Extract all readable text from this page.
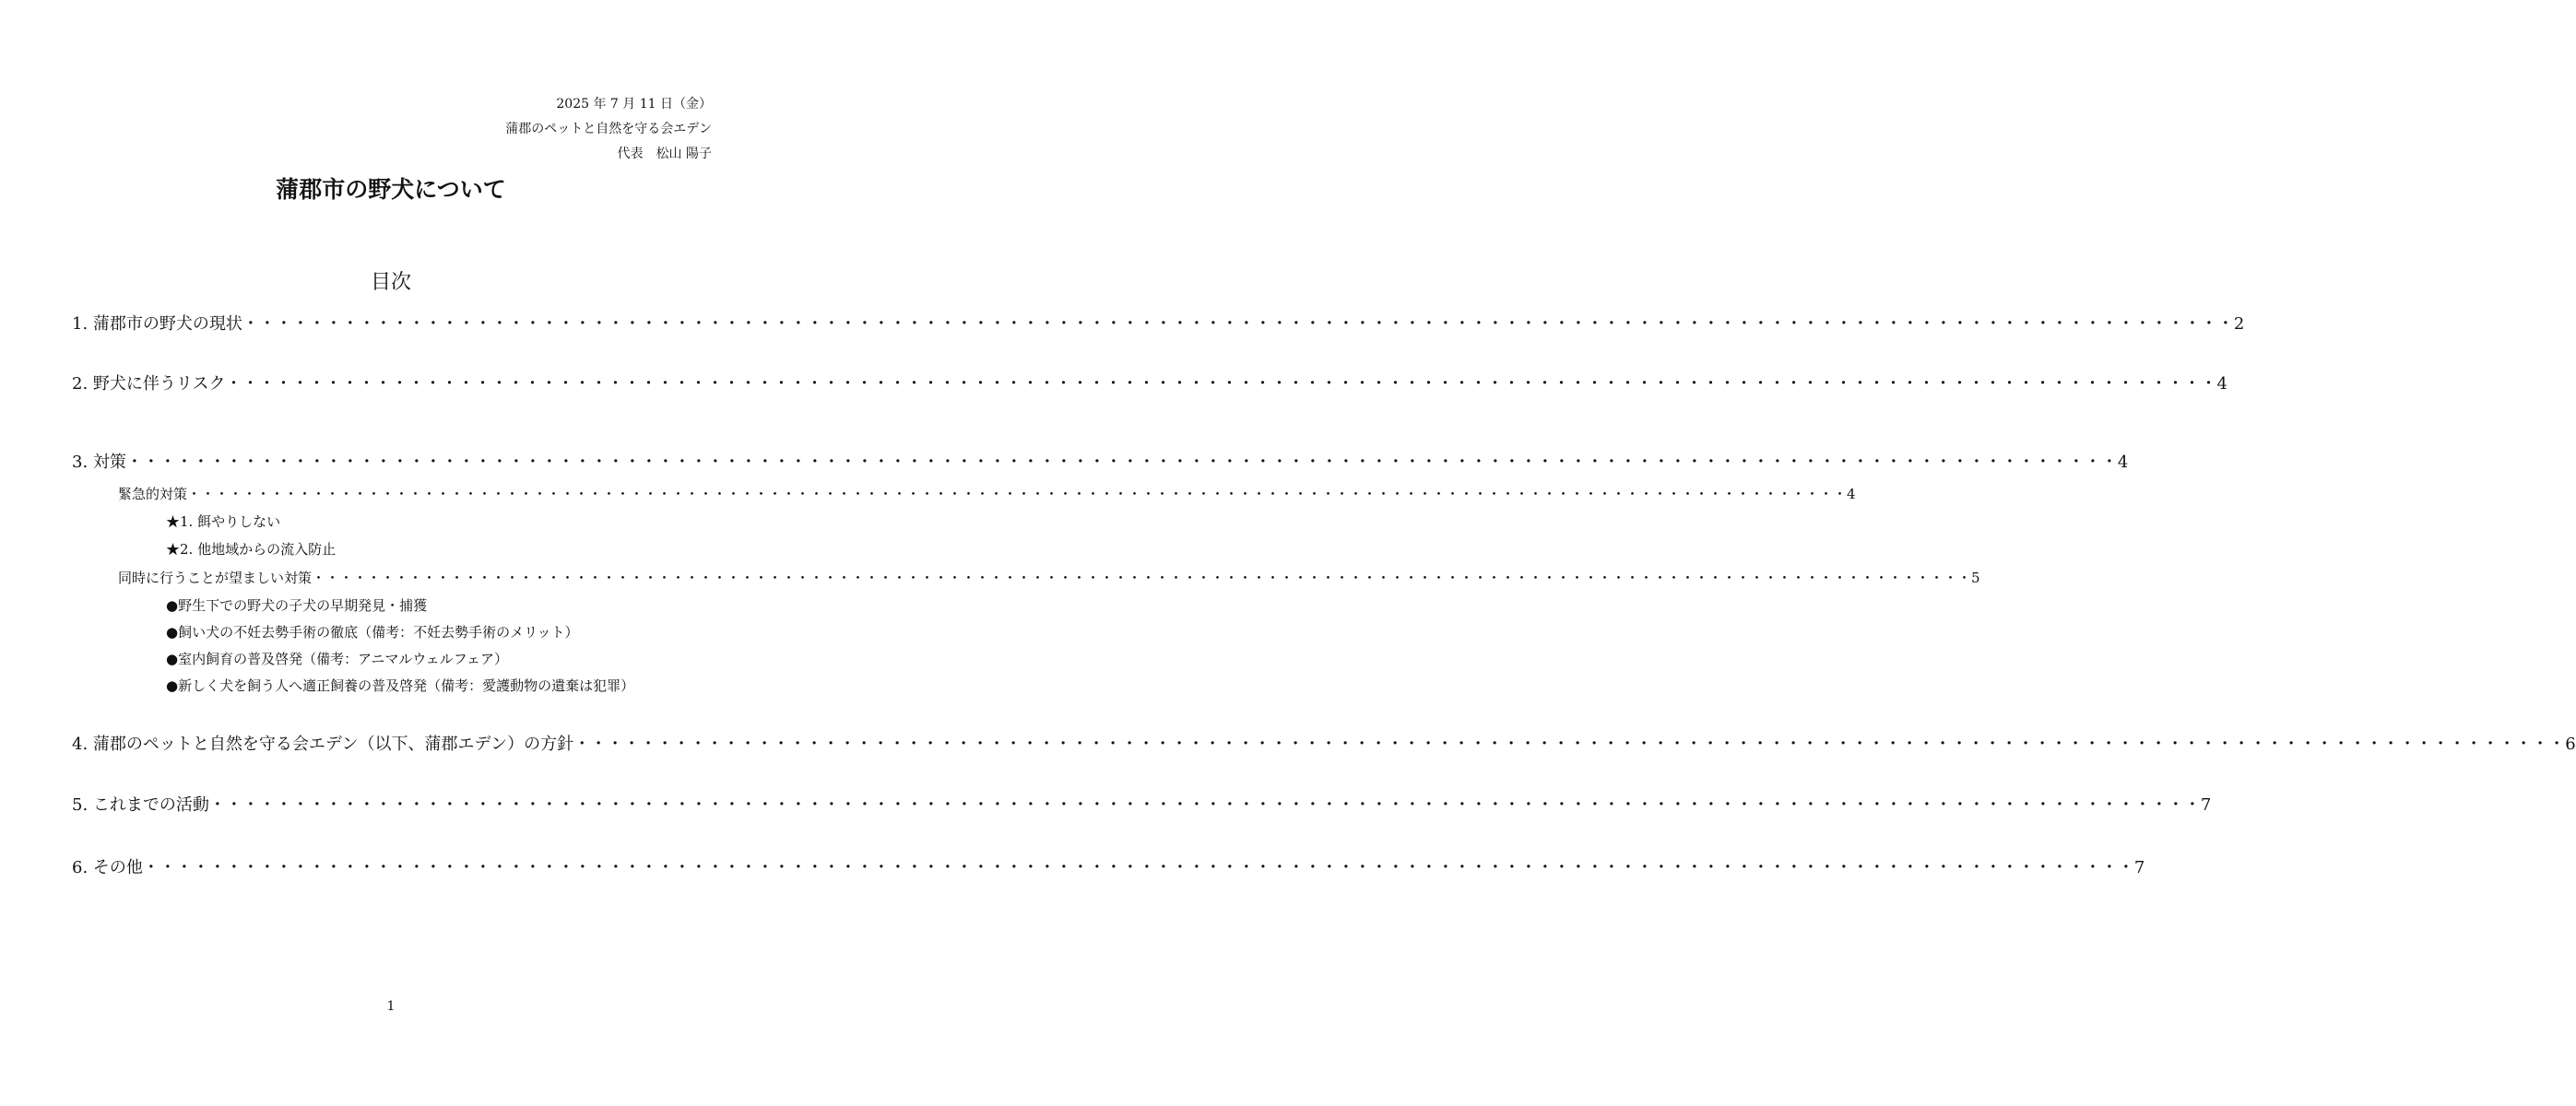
2025 年 7 月 11 日（金）
蒲郡のペットと自然を守る会エデン
代表　松山 陽子
蒲郡市の野犬について
目次
1. 蒲郡市の野犬の現状 ・・・・・・・・・・・・・・・・・・・・・・・・・・・・・・・・・・・・・・・・・・・・・・・・・・・・・・・・・・・・・・・・・・・・・・・・・・・・・・・・・・・・・・・・・・・・・・・・・・・・・・・・・・・・・・・・・・・・・・・・ 2
2. 野犬に伴うリスク ・・・・・・・・・・・・・・・・・・・・・・・・・・・・・・・・・・・・・・・・・・・・・・・・・・・・・・・・・・・・・・・・・・・・・・・・・・・・・・・・・・・・・・・・・・・・・・・・・・・・・・・・・・・・・・・・・・・・・・・・ 4
3. 対策 ・・・・・・・・・・・・・・・・・・・・・・・・・・・・・・・・・・・・・・・・・・・・・・・・・・・・・・・・・・・・・・・・・・・・・・・・・・・・・・・・・・・・・・・・・・・・・・・・・・・・・・・・・・・・・・・・・・・・・・・・ 4
緊急的対策 ・・・・・・・・・・・・・・・・・・・・・・・・・・・・・・・・・・・・・・・・・・・・・・・・・・・・・・・・・・・・・・・・・・・・・・・・・・・・・・・・・・・・・・・・・・・・・・・・・・・・・・・・・・・・・・・・・・・・・・・・ 4
★1. 餌やりしない
★2. 他地域からの流入防止
同時に行うことが望ましい対策 ・・・・・・・・・・・・・・・・・・・・・・・・・・・・・・・・・・・・・・・・・・・・・・・・・・・・・・・・・・・・・・・・・・・・・・・・・・・・・・・・・・・・・・・・・・・・・・・・・・・・・・・・・・・・・・・・・・・・・・・・ 5
●野生下での野犬の子犬の早期発見・捕獲
●飼い犬の不妊去勢手術の徹底（備考：不妊去勢手術のメリット）
●室内飼育の普及啓発（備考：アニマルウェルフェア）
●新しく犬を飼う人へ適正飼養の普及啓発（備考：愛護動物の遺棄は犯罪）
4. 蒲郡のペットと自然を守る会エデン（以下、蒲郡エデン）の方針 ・・・・・・・・・・・・・・・・・・・・・・・・・・・・・・・・・・・・・・・・・・・・・・・・・・・・・・・・・・・・・・・・・・・・・・・・・・・・・・・・・・・・・・・・・・・・・・・・・・・・・・・・・・・・・・・・・・・・・・・・ 6
5. これまでの活動 ・・・・・・・・・・・・・・・・・・・・・・・・・・・・・・・・・・・・・・・・・・・・・・・・・・・・・・・・・・・・・・・・・・・・・・・・・・・・・・・・・・・・・・・・・・・・・・・・・・・・・・・・・・・・・・・・・・・・・・・・ 7
6. その他 ・・・・・・・・・・・・・・・・・・・・・・・・・・・・・・・・・・・・・・・・・・・・・・・・・・・・・・・・・・・・・・・・・・・・・・・・・・・・・・・・・・・・・・・・・・・・・・・・・・・・・・・・・・・・・・・・・・・・・・・・ 7
1
